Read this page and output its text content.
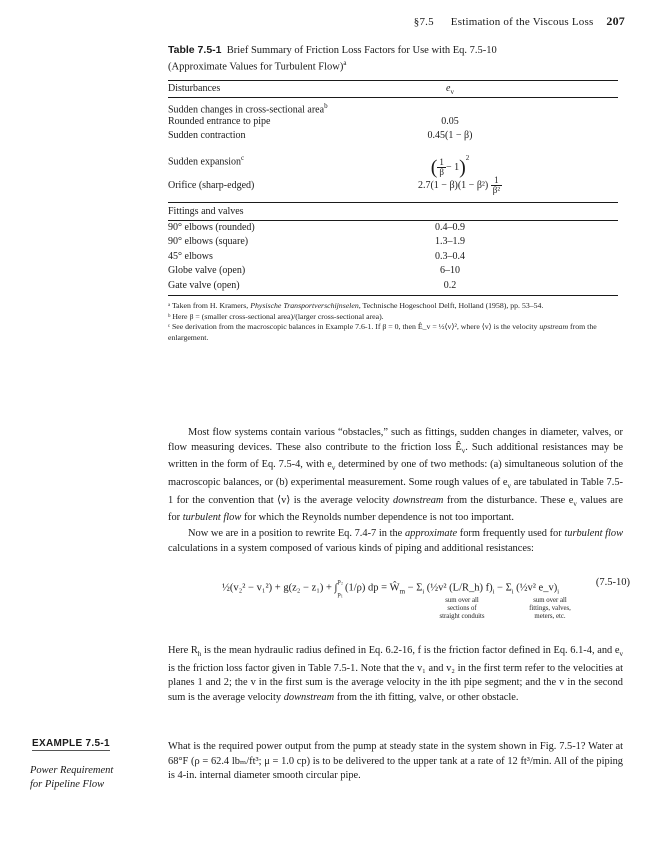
§7.5 Estimation of the Viscous Loss 207
Table 7.5-1 Brief Summary of Friction Loss Factors for Use with Eq. 7.5-10
(Approximate Values for Turbulent Flow)$^a$
Disturbances	$e_v$
Sudden changes in cross-sectional area$^b$
Rounded entrance to pipe	0.05
Sudden contraction	0.45(1 − β)
Sudden expansion$^c$	( $\frac{1}{\beta} - 1)^2$
Orifice (sharp-edged)	$2.7(1 - \beta)(1 - \beta^2) \frac{1}{\text{β²}}$
Fittings and valves
90° elbows (rounded)	0.4–0.9
90° elbows (square)	1.3–1.9
45° elbows	0.3–0.4
Globe valve (open)	6–10
Gate valve (open)	0.2
ᵃ Taken from H. Kramers, Physische Transportverschijnselen, Technische Hogeschool Delft, Holland (1958), pp. 53–54.
ᵇ Here β = (smaller cross-sectional area)/(larger cross-sectional area).
ᶜ See derivation from the macroscopic balances in Example 7.6-1. If β = 0, then Ê_v = ½⟨v⟩², where ⟨v⟩ is the velocity upstream from the enlargement.
Most flow systems contain various “obstacles,” such as fittings, sudden changes in diameter, valves, or flow measuring devices. These also contribute to the friction loss $Ê_v$. Such additional resistances may be written in the form of Eq. 7.5-4, with $e_v$ determined by one of two methods: (a) simultaneous solution of the macroscopic balances, or (b) experimental measurement. Some rough values of $e_v$ are tabulated in Table 7.5-1 for the convention that ⟨v⟩ is the average velocity downstream from the disturbance. These $e_v$ values are for turbulent flow for which the Reynolds number dependence is not too important.
Now we are in a position to rewrite Eq. 7.4-7 in the approximate form frequently used for turbulent flow calculations in a system composed of various kinds of piping and additional resistances:
½(v₂² − v₁²) + g(z₂ − z₁) + ∫
p₂
p₁
(1/ρ) dp = $Ŵ_m - \Sigma_i$ (½v² (L/R_h) $f)_i - \Sigma_i$ (½v² $e\_v)_i$
(7.5-10)
sum over all
sections of
straight conduits
sum over all
fittings, valves,
meters, etc.
Here $R_h$ is the mean hydraulic radius defined in Eq. 6.2-16, f is the friction factor defined in Eq. 6.1-4, and $e_v$ is the friction loss factor given in Table 7.5-1. Note that the v₁ and v₂ in the first term refer to the velocities at planes 1 and 2; the v in the first sum is the average velocity in the ith pipe segment; and the v in the second sum is the average velocity downstream from the ith fitting, valve, or other obstacle.
EXAMPLE 7.5-1
Power Requirement
for Pipeline Flow
What is the required power output from the pump at steady state in the system shown in Fig. 7.5-1? Water at 68°F (ρ = 62.4 lbₘ/ft³; μ = 1.0 cp) is to be delivered to the upper tank at a rate of 12 ft³/min. All of the piping is 4-in. internal diameter smooth circular pipe.
